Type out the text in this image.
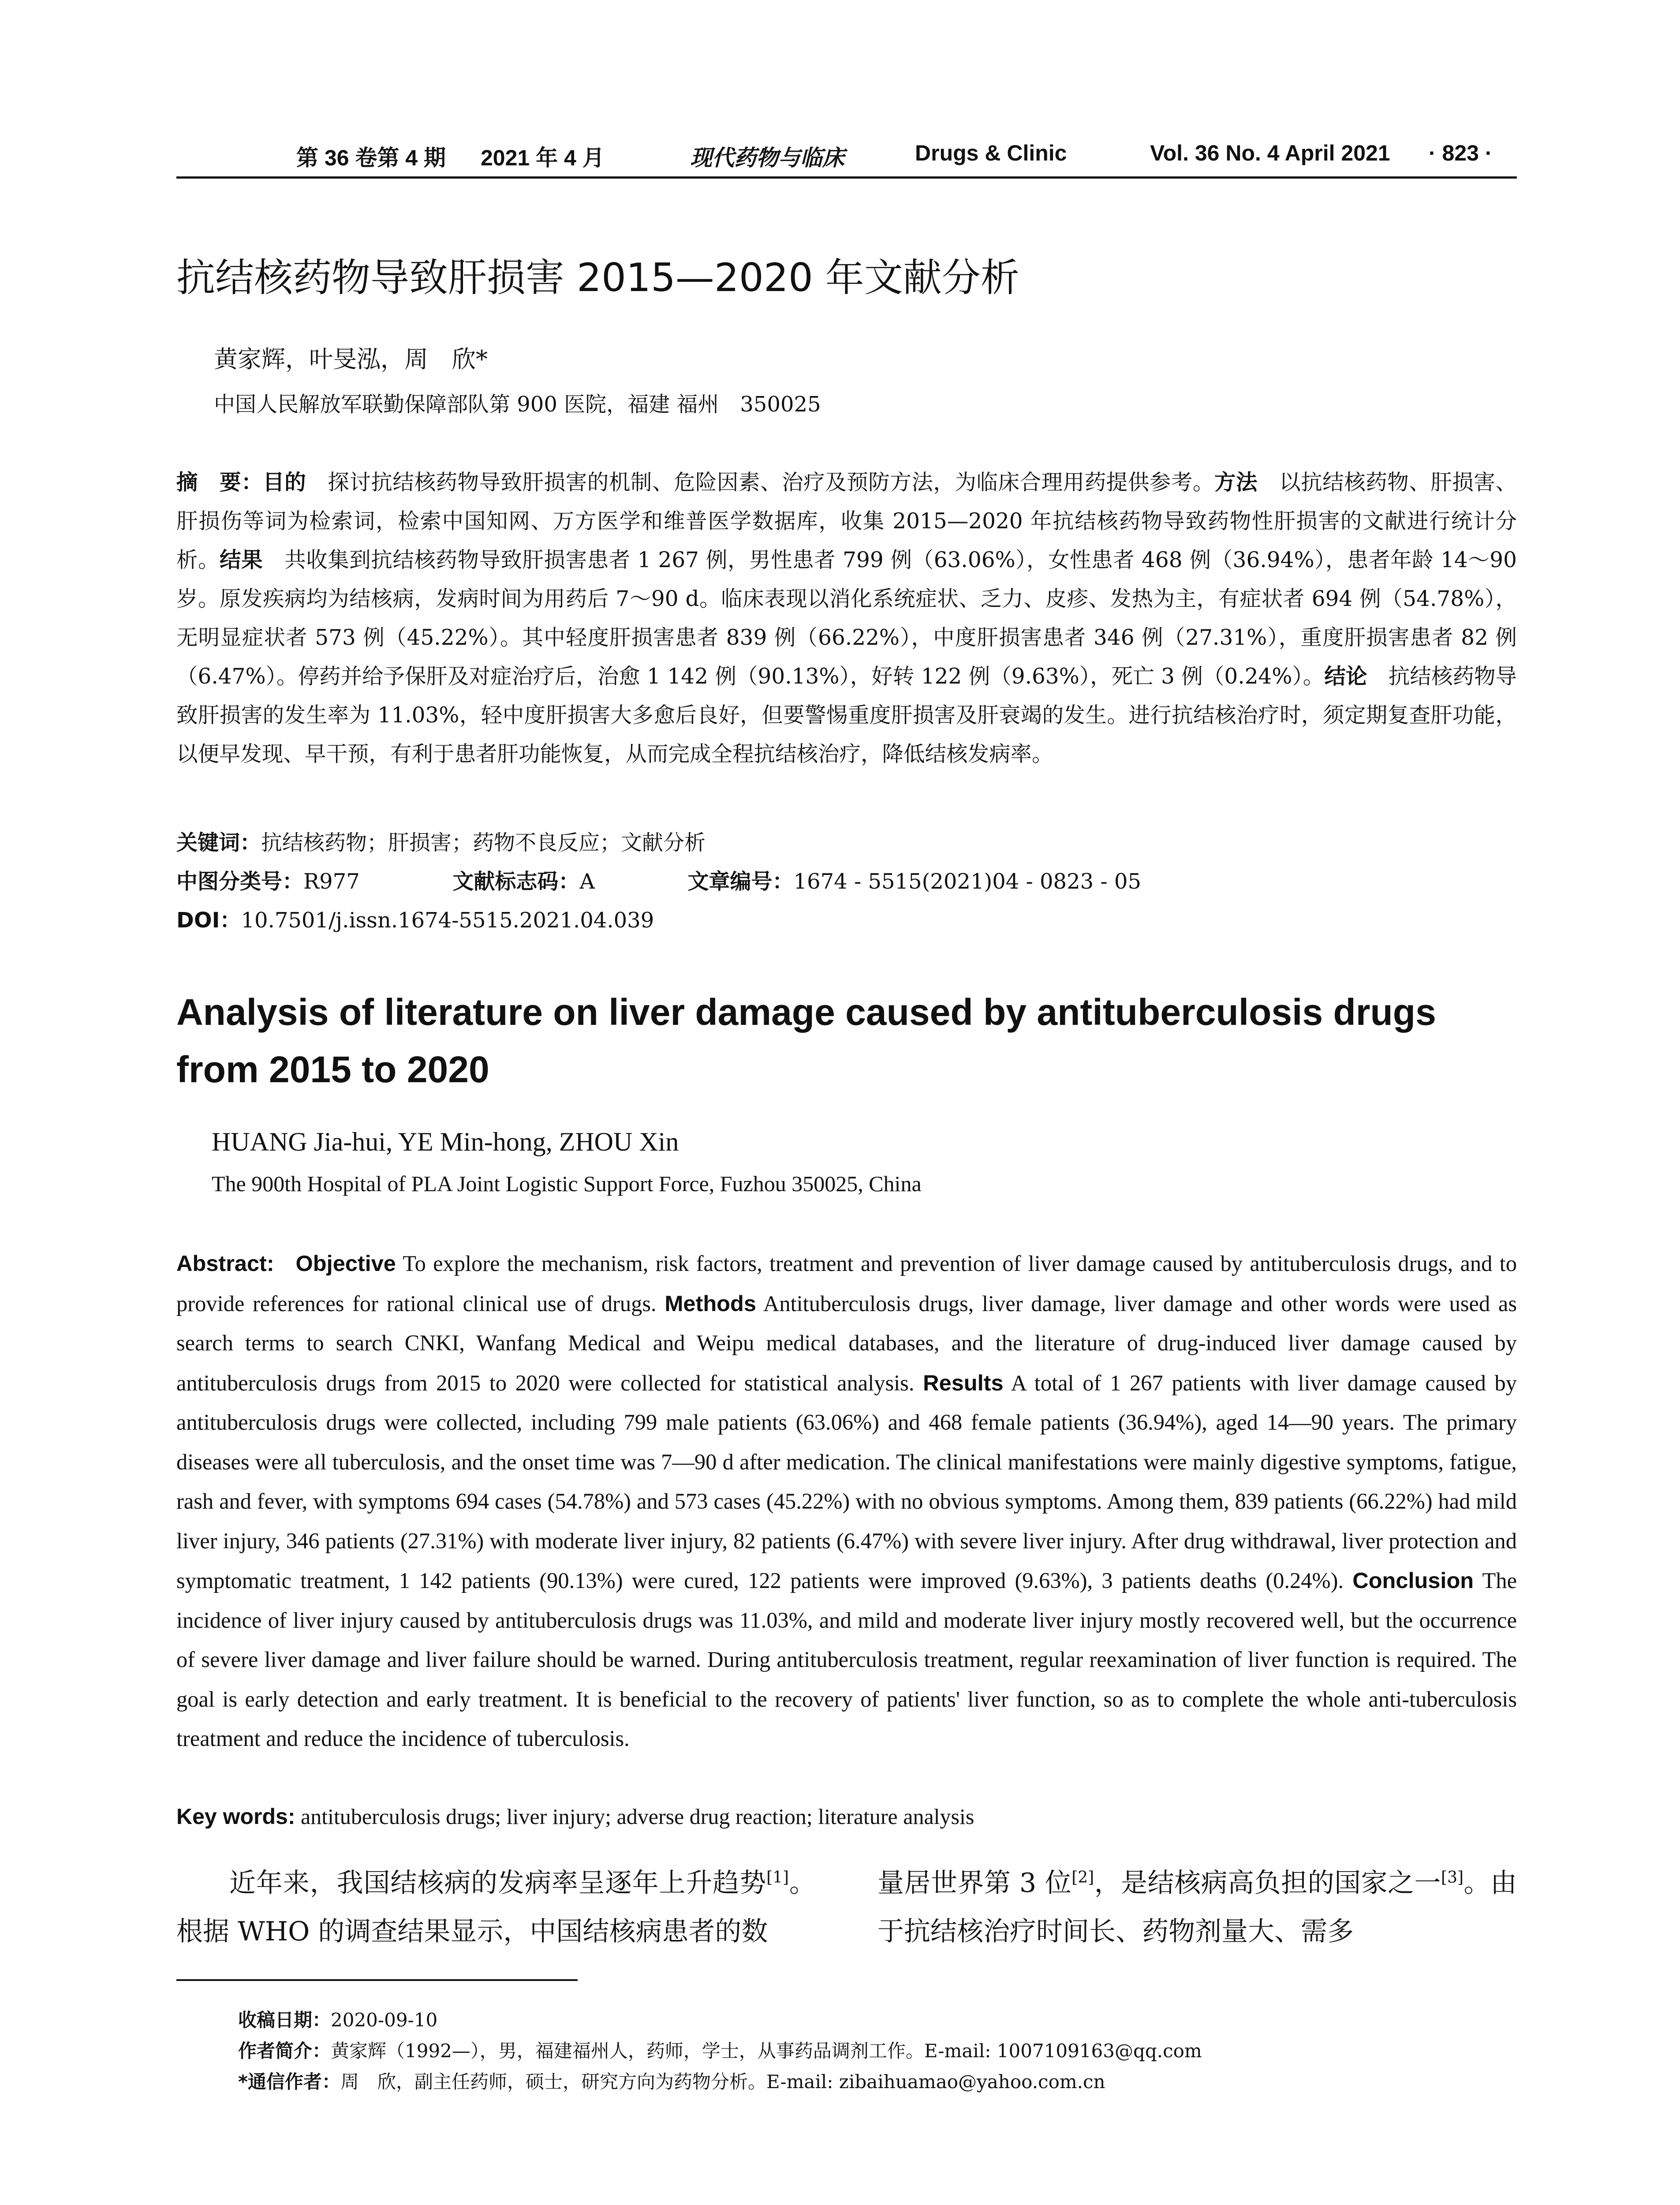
第 36 卷第 4 期 2021 年 4 月	现代药物与临床	Drugs & Clinic	Vol. 36 No. 4 April 2021 · 823 ·
抗结核药物导致肝损害 2015—2020 年文献分析
黄家辉，叶旻泓，周　欣*
中国人民解放军联勤保障部队第 900 医院，福建 福州　350025
摘　要：目的　探讨抗结核药物导致肝损害的机制、危险因素、治疗及预防方法，为临床合理用药提供参考。方法　以抗结核药物、肝损害、肝损伤等词为检索词，检索中国知网、万方医学和维普医学数据库，收集 2015—2020 年抗结核药物导致药物性肝损害的文献进行统计分析。结果　共收集到抗结核药物导致肝损害患者 1 267 例，男性患者 799 例（63.06%），女性患者 468 例（36.94%），患者年龄 14～90 岁。原发疾病均为结核病，发病时间为用药后 7～90 d。临床表现以消化系统症状、乏力、皮疹、发热为主，有症状者 694 例（54.78%），无明显症状者 573 例（45.22%）。其中轻度肝损害患者 839 例（66.22%），中度肝损害患者 346 例（27.31%），重度肝损害患者 82 例（6.47%）。停药并给予保肝及对症治疗后，治愈 1 142 例（90.13%），好转 122 例（9.63%），死亡 3 例（0.24%）。结论　抗结核药物导致肝损害的发生率为 11.03%，轻中度肝损害大多愈后良好，但要警惕重度肝损害及肝衰竭的发生。进行抗结核治疗时，须定期复查肝功能，以便早发现、早干预，有利于患者肝功能恢复，从而完成全程抗结核治疗，降低结核发病率。
关键词：抗结核药物；肝损害；药物不良反应；文献分析
中图分类号：R977	文献标志码：A	文章编号：1674 - 5515(2021)04 - 0823 - 05
DOI：10.7501/j.issn.1674-5515.2021.04.039
Analysis of literature on liver damage caused by antituberculosis drugs from 2015 to 2020
HUANG Jia-hui, YE Min-hong, ZHOU Xin
The 900th Hospital of PLA Joint Logistic Support Force, Fuzhou 350025, China
Abstract: Objective To explore the mechanism, risk factors, treatment and prevention of liver damage caused by antituberculosis drugs, and to provide references for rational clinical use of drugs. Methods Antituberculosis drugs, liver damage, liver damage and other words were used as search terms to search CNKI, Wanfang Medical and Weipu medical databases, and the literature of drug-induced liver damage caused by antituberculosis drugs from 2015 to 2020 were collected for statistical analysis. Results A total of 1 267 patients with liver damage caused by antituberculosis drugs were collected, including 799 male patients (63.06%) and 468 female patients (36.94%), aged 14—90 years. The primary diseases were all tuberculosis, and the onset time was 7—90 d after medication. The clinical manifestations were mainly digestive symptoms, fatigue, rash and fever, with symptoms 694 cases (54.78%) and 573 cases (45.22%) with no obvious symptoms. Among them, 839 patients (66.22%) had mild liver injury, 346 patients (27.31%) with moderate liver injury, 82 patients (6.47%) with severe liver injury. After drug withdrawal, liver protection and symptomatic treatment, 1 142 patients (90.13%) were cured, 122 patients were improved (9.63%), 3 patients deaths (0.24%). Conclusion The incidence of liver injury caused by antituberculosis drugs was 11.03%, and mild and moderate liver injury mostly recovered well, but the occurrence of severe liver damage and liver failure should be warned. During antituberculosis treatment, regular reexamination of liver function is required. The goal is early detection and early treatment. It is beneficial to the recovery of patients' liver function, so as to complete the whole anti-tuberculosis treatment and reduce the incidence of tuberculosis.
Key words: antituberculosis drugs; liver injury; adverse drug reaction; literature analysis

近年来，我国结核病的发病率呈逐年上升趋势[1]。根据 WHO 的调查结果显示，中国结核病患者的数

量居世界第 3 位[2]，是结核病高负担的国家之一[3]。由于抗结核治疗时间长、药物剂量大、需多

收稿日期：2020-09-10
作者简介：黄家辉（1992—），男，福建福州人，药师，学士，从事药品调剂工作。E-mail: 1007109163@qq.com
*通信作者：周　欣，副主任药师，硕士，研究方向为药物分析。E-mail: zibaihuamao@yahoo.com.cn
